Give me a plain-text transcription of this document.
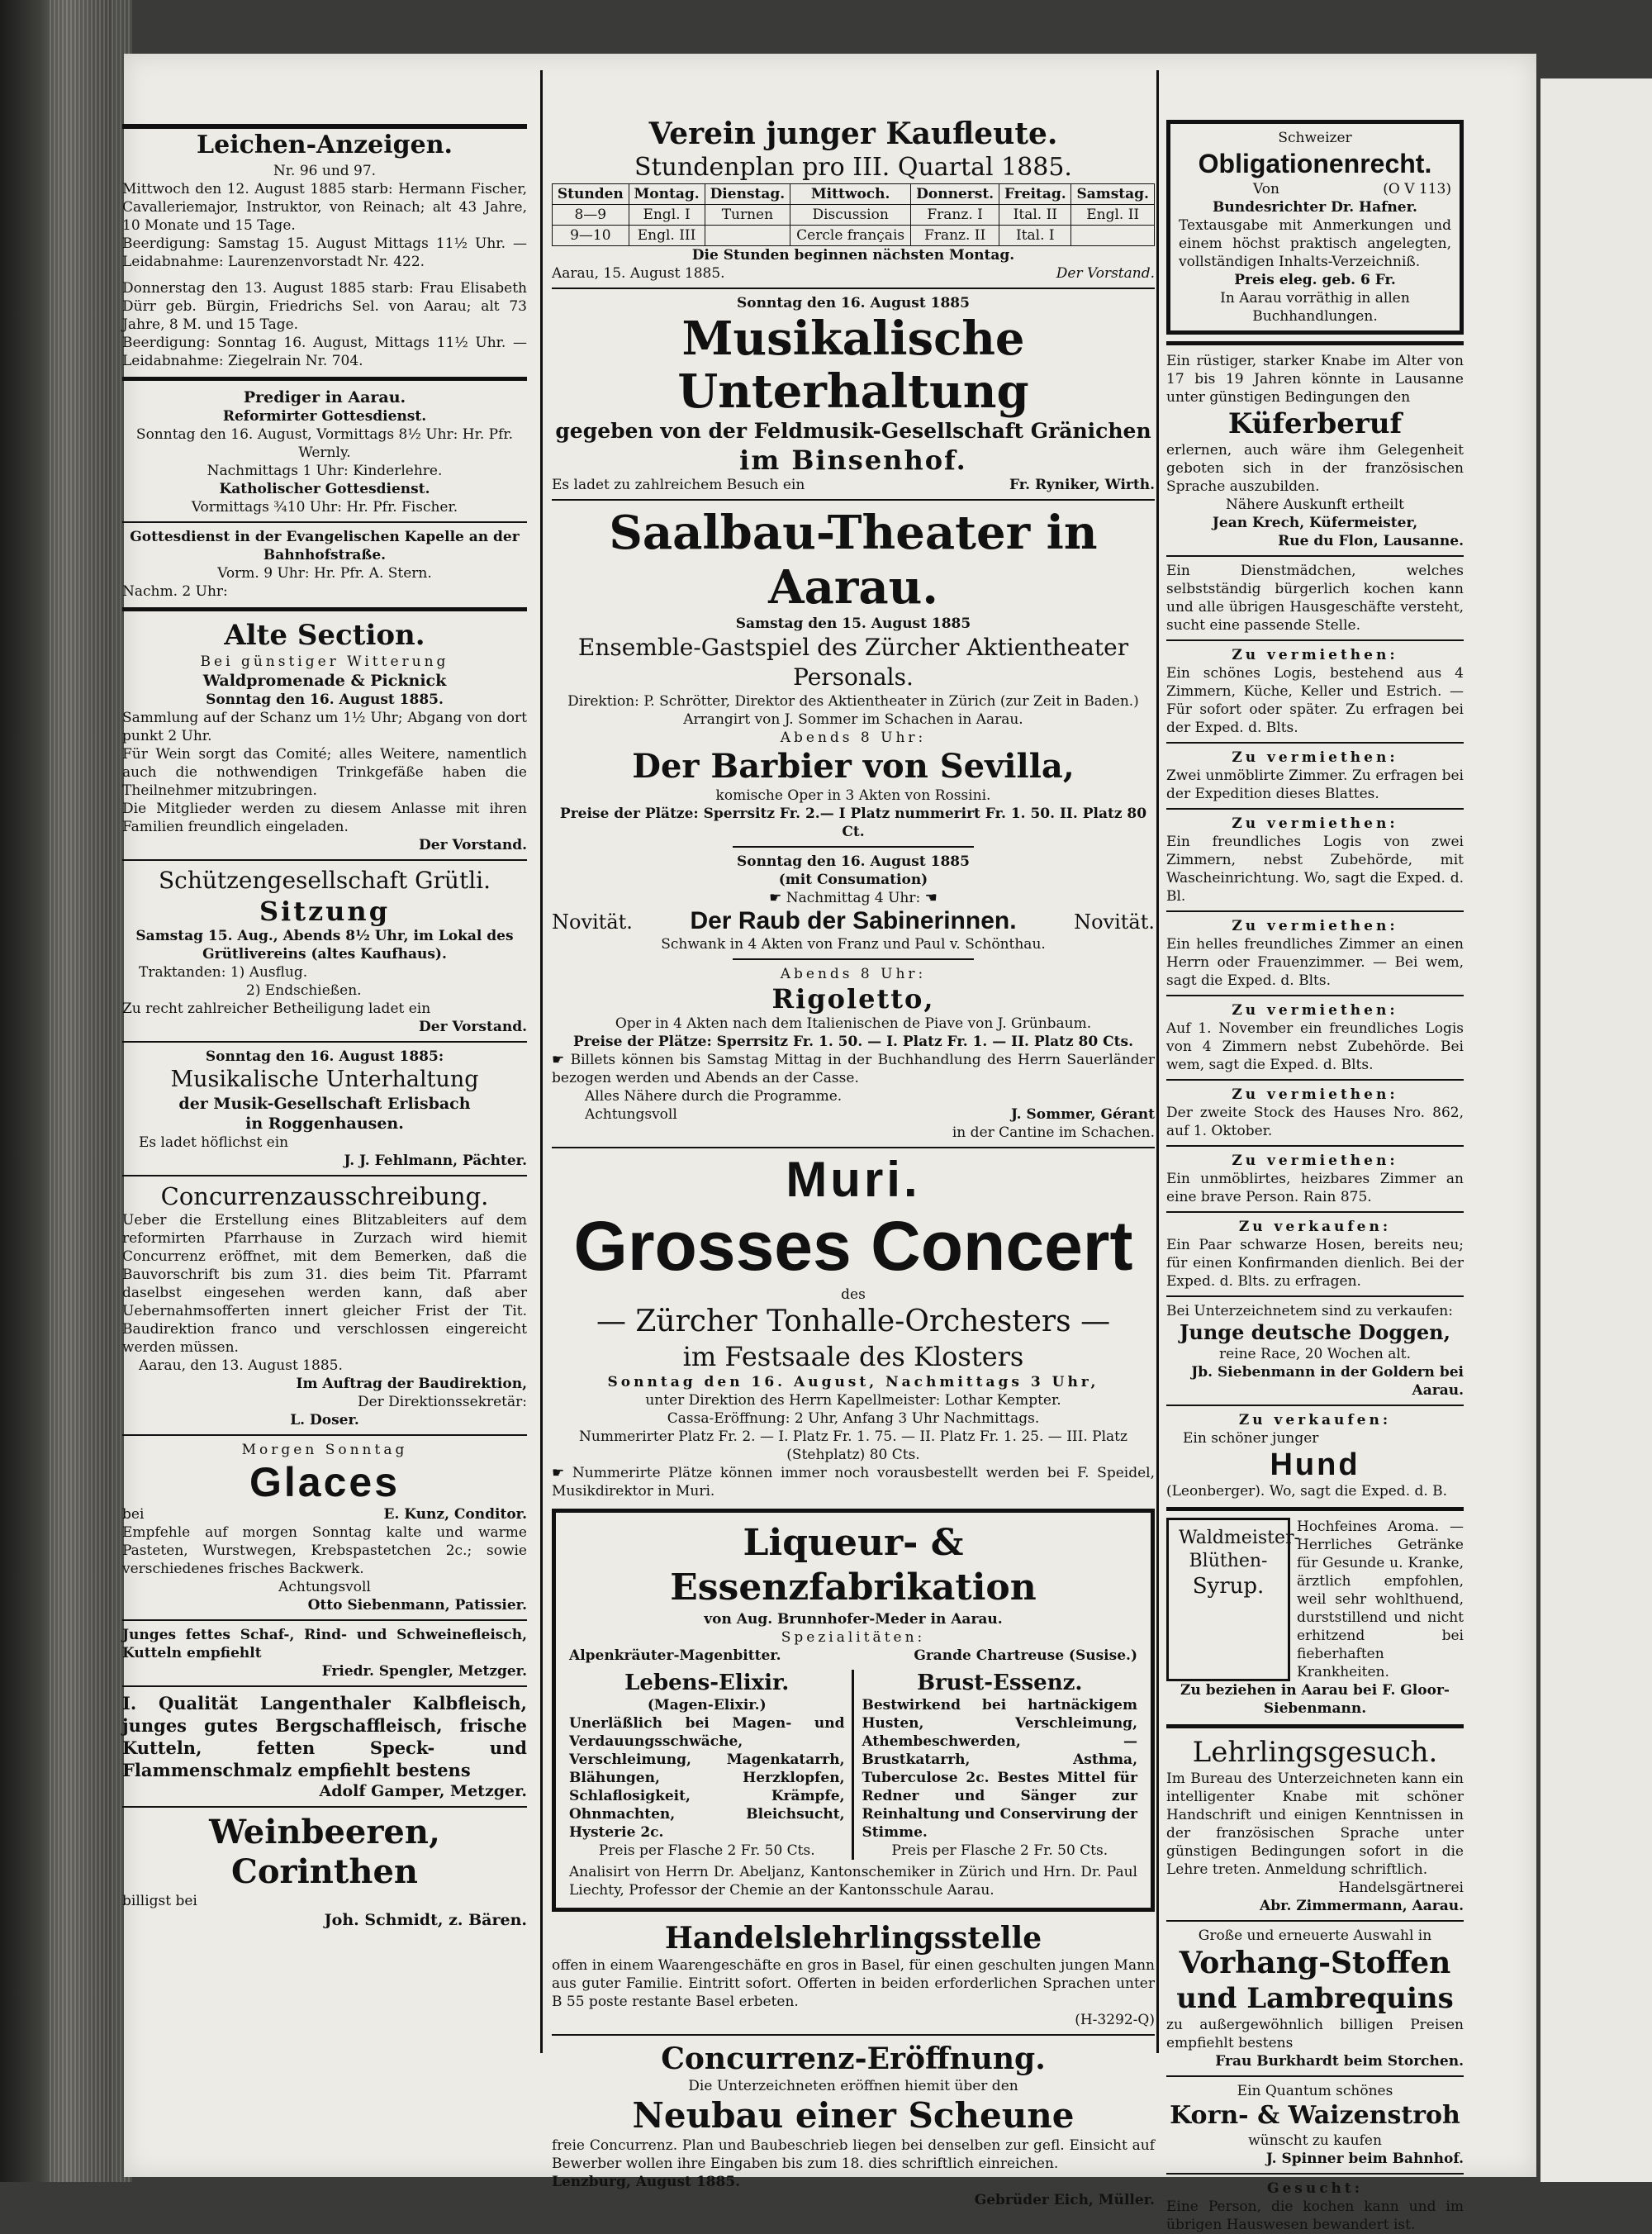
Leichen-Anzeigen.
Nr. 96 und 97.

Mittwoch den 12. August 1885 starb: Hermann Fischer, Cavalleriemajor, Instruktor, von Reinach; alt 43 Jahre, 10 Monate und 15 Tage.

Beerdigung: Samstag 15. August Mittags 11½ Uhr. — Leidabnahme: Laurenzenvorstadt Nr. 422.

Donnerstag den 13. August 1885 starb: Frau Elisabeth Dürr geb. Bürgin, Friedrichs Sel. von Aarau; alt 73 Jahre, 8 M. und 15 Tage.

Beerdigung: Sonntag 16. August, Mittags 11½ Uhr. — Leidabnahme: Ziegelrain Nr. 704.

Prediger in Aarau.
Reformirter Gottesdienst.

Sonntag den 16. August, Vormittags 8½ Uhr: Hr. Pfr. Wernly.

Nachmittags 1 Uhr: Kinderlehre.

Katholischer Gottesdienst.

Vormittags ¾10 Uhr: Hr. Pfr. Fischer.

Gottesdienst in der Evangelischen Kapelle an der Bahnhofstraße.

Vorm. 9 Uhr: Hr. Pfr. A. Stern.

Nachm. 2 Uhr:

Alte Section.

Bei günstiger Witterung

Waldpromenade & Picknick

Sonntag den 16. August 1885.

Sammlung auf der Schanz um 1½ Uhr; Abgang von dort punkt 2 Uhr.

Für Wein sorgt das Comité; alles Weitere, namentlich auch die nothwendigen Trinkgefäße haben die Theilnehmer mitzubringen.

Die Mitglieder werden zu diesem Anlasse mit ihren Familien freundlich eingeladen.

Der Vorstand.

Schützengesellschaft Grütli.
Sitzung

Samstag 15. Aug., Abends 8½ Uhr, im Lokal des Grütlivereins (altes Kaufhaus).

Traktanden: 1) Ausflug.

2) Endschießen.

Zu recht zahlreicher Betheiligung ladet ein

Der Vorstand.

Sonntag den 16. August 1885:

Musikalische Unterhaltung

der Musik-Gesellschaft Erlisbach

in Roggenhausen.

Es ladet höflichst ein

J. J. Fehlmann, Pächter.

Concurrenzausschreibung.

Ueber die Erstellung eines Blitzableiters auf dem reformirten Pfarrhause in Zurzach wird hiemit Concurrenz eröffnet, mit dem Bemerken, daß die Bauvorschrift bis zum 31. dies beim Tit. Pfarramt daselbst eingesehen werden kann, daß aber Uebernahmsofferten innert gleicher Frist der Tit. Baudirektion franco und verschlossen eingereicht werden müssen.

Aarau, den 13. August 1885.

Im Auftrag der Baudirektion,

Der Direktionssekretär:

L. Doser.

Morgen Sonntag

Glaces
bei	E. Kunz, Conditor.

Empfehle auf morgen Sonntag kalte und warme Pasteten, Wurstwegen, Krebspastetchen 2c.; sowie verschiedenes frisches Backwerk.

Achtungsvoll

Otto Siebenmann, Patissier.

Junges fettes Schaf-, Rind- und Schweinefleisch, Kutteln empfiehlt

Friedr. Spengler, Metzger.

I. Qualität Langenthaler Kalbfleisch, junges gutes Bergschaffleisch, frische Kutteln, fetten Speck- und Flammenschmalz empfiehlt bestens

Adolf Gamper, Metzger.

Weinbeeren,
Corinthen

billigst bei

Joh. Schmidt, z. Bären.

Verein junger Kaufleute.
Stundenplan pro III. Quartal 1885.
Stunden	Montag.	Dienstag.	Mittwoch.	Donnerst.	Freitag.	Samstag.
8—9	Engl. I	Turnen	Discussion	Franz. I	Ital. II	Engl. II
9—10	Engl. III		Cercle français	Franz. II	Ital. I	
Die Stunden beginnen nächsten Montag.
Aarau, 15. August 1885.	Der Vorstand.
Sonntag den 16. August 1885
Musikalische Unterhaltung
gegeben von der Feldmusik-Gesellschaft Gränichen
im Binsenhof.
Es ladet zu zahlreichem Besuch ein	Fr. Ryniker, Wirth.
Saalbau-Theater in Aarau.
Samstag den 15. August 1885
Ensemble-Gastspiel des Zürcher Aktientheater Personals.

Direktion: P. Schrötter, Direktor des Aktientheater in Zürich (zur Zeit in Baden.)

Arrangirt von J. Sommer im Schachen in Aarau.

Abends 8 Uhr:

Der Barbier von Sevilla,

komische Oper in 3 Akten von Rossini.

Preise der Plätze: Sperrsitz Fr. 2.— I Platz nummerirt Fr. 1. 50. II. Platz 80 Ct.

Sonntag den 16. August 1885

(mit Consumation)

☛ Nachmittag 4 Uhr: ☚

Novität. Der Raub der Sabinerinnen.	Novität.

Schwank in 4 Akten von Franz und Paul v. Schönthau.

Abends 8 Uhr:

Rigoletto,

Oper in 4 Akten nach dem Italienischen de Piave von J. Grünbaum.

Preise der Plätze: Sperrsitz Fr. 1. 50. — I. Platz Fr. 1. — II. Platz 80 Cts.

☛ Billets können bis Samstag Mittag in der Buchhandlung des Herrn Sauerländer bezogen werden und Abends an der Casse.

Alles Nähere durch die Programme.

Achtungsvoll	J. Sommer, Gérant

in der Cantine im Schachen.

Muri.
Grosses Concert

des

— Zürcher Tonhalle-Orchesters —
im Festsaale des Klosters

Sonntag den 16. August, Nachmittags 3 Uhr,

unter Direktion des Herrn Kapellmeister: Lothar Kempter.

Cassa-Eröffnung: 2 Uhr, Anfang 3 Uhr Nachmittags.

Nummerirter Platz Fr. 2. — I. Platz Fr. 1. 75. — II. Platz Fr. 1. 25. — III. Platz (Stehplatz) 80 Cts.

☛ Nummerirte Plätze können immer noch vorausbestellt werden bei F. Speidel, Musikdirektor in Muri.

Liqueur- & Essenzfabrikation

von Aug. Brunnhofer-Meder in Aarau.

Spezialitäten:

Alpenkräuter-Magenbitter.	Grande Chartreuse (Susise.)
Lebens-Elixir.

(Magen-Elixir.)

Unerläßlich bei Magen- und Verdauungsschwäche, Verschleimung, Magenkatarrh, Blähungen, Herzklopfen, Schlaflosigkeit, Krämpfe, Ohnmachten, Bleichsucht, Hysterie 2c.

Preis per Flasche 2 Fr. 50 Cts.

Brust-Essenz.

Bestwirkend bei hartnäckigem Husten, Verschleimung, Athembeschwerden, — Brustkatarrh, Asthma, Tuberculose 2c. Bestes Mittel für Redner und Sänger zur Reinhaltung und Conservirung der Stimme.

Preis per Flasche 2 Fr. 50 Cts.

Analisirt von Herrn Dr. Abeljanz, Kantonschemiker in Zürich und Hrn. Dr. Paul Liechty, Professor der Chemie an der Kantonsschule Aarau.

Handelslehrlingsstelle

offen in einem Waarengeschäfte en gros in Basel, für einen geschulten jungen Mann aus guter Familie. Eintritt sofort. Offerten in beiden erforderlichen Sprachen unter B 55 poste restante Basel erbeten.

(H-3292-Q)

Concurrenz-Eröffnung.

Die Unterzeichneten eröffnen hiemit über den

Neubau einer Scheune

freie Concurrenz. Plan und Baubeschrieb liegen bei denselben zur gefl. Einsicht auf Bewerber wollen ihre Eingaben bis zum 18. dies schriftlich einreichen.

Lenzburg, August 1885.

Gebrüder Eich, Müller.

Schweizer

Obligationenrecht.
Von	(O V 113)

Bundesrichter Dr. Hafner.

Textausgabe mit Anmerkungen und einem höchst praktisch angelegten, vollständigen Inhalts-Verzeichniß.

Preis eleg. geb. 6 Fr.

In Aarau vorräthig in allen Buchhandlungen.

Ein rüstiger, starker Knabe im Alter von 17 bis 19 Jahren könnte in Lausanne unter günstigen Bedingungen den

Küferberuf

erlernen, auch wäre ihm Gelegenheit geboten sich in der französischen Sprache auszubilden.

Nähere Auskunft ertheilt

Jean Krech, Küfermeister,

Rue du Flon, Lausanne.

Ein Dienstmädchen, welches selbstständig bürgerlich kochen kann und alle übrigen Hausgeschäfte versteht, sucht eine passende Stelle.

Zu vermiethen:

Ein schönes Logis, bestehend aus 4 Zimmern, Küche, Keller und Estrich. — Für sofort oder später. Zu erfragen bei der Exped. d. Blts.

Zu vermiethen:

Zwei unmöblirte Zimmer. Zu erfragen bei der Expedition dieses Blattes.

Zu vermiethen:

Ein freundliches Logis von zwei Zimmern, nebst Zubehörde, mit Wascheinrichtung. Wo, sagt die Exped. d. Bl.

Zu vermiethen:

Ein helles freundliches Zimmer an einen Herrn oder Frauenzimmer. — Bei wem, sagt die Exped. d. Blts.

Zu vermiethen:

Auf 1. November ein freundliches Logis von 4 Zimmern nebst Zubehörde. Bei wem, sagt die Exped. d. Blts.

Zu vermiethen:

Der zweite Stock des Hauses Nro. 862, auf 1. Oktober.

Zu vermiethen:

Ein unmöblirtes, heizbares Zimmer an eine brave Person. Rain 875.

Zu verkaufen:

Ein Paar schwarze Hosen, bereits neu; für einen Konfirmanden dienlich. Bei der Exped. d. Blts. zu erfragen.

Bei Unterzeichnetem sind zu verkaufen:

Junge deutsche Doggen,

reine Race, 20 Wochen alt.

Jb. Siebenmann in der Goldern bei Aarau.

Zu verkaufen:

Ein schöner junger

Hund

(Leonberger). Wo, sagt die Exped. d. B.

Waldmeister-
Blüthen-
Syrup.

Hochfeines Aroma. — Herrliches Getränke für Gesunde u. Kranke, ärztlich empfohlen, weil sehr wohlthuend, durststillend und nicht erhitzend bei fieberhaften Krankheiten.

Zu beziehen in Aarau bei F. Gloor-Siebenmann.

Lehrlingsgesuch.

Im Bureau des Unterzeichneten kann ein intelligenter Knabe mit schöner Handschrift und einigen Kenntnissen in der französischen Sprache unter günstigen Bedingungen sofort in die Lehre treten. Anmeldung schriftlich.

Handelsgärtnerei

Abr. Zimmermann, Aarau.

Große und erneuerte Auswahl in

Vorhang-Stoffen
und Lambrequins

zu außergewöhnlich billigen Preisen empfiehlt bestens

Frau Burkhardt beim Storchen.

Ein Quantum schönes

Korn- & Waizenstroh

wünscht zu kaufen

J. Spinner beim Bahnhof.

Gesucht:

Eine Person, die kochen kann und im übrigen Hauswesen bewandert ist.
